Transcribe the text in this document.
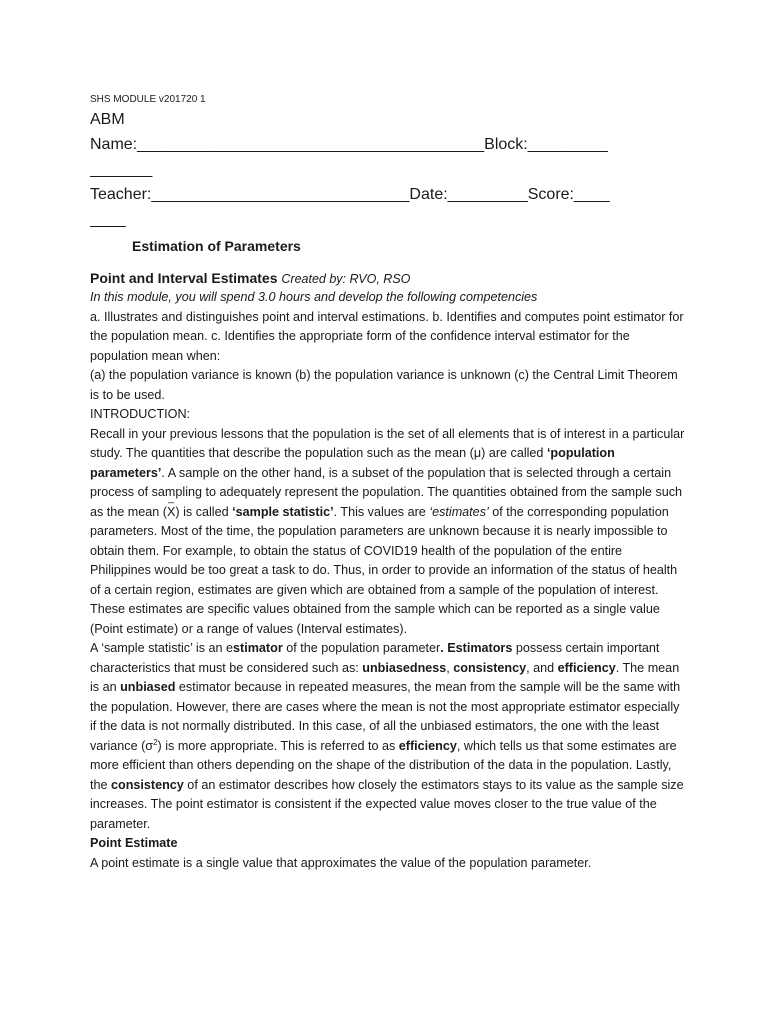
SHS MODULE v201720 1
ABM
Name:_______________________________________Block:_________
_______
Teacher:_____________________________Date:_________Score:____
____
Estimation of Parameters
Point and Interval Estimates Created by: RVO, RSO

In this module, you will spend 3.0 hours and develop the following competencies

a. Illustrates and distinguishes point and interval estimations. b. Identifies and computes point estimator for the population mean. c. Identifies the appropriate form of the confidence interval estimator for the population mean when:

(a) the population variance is known (b) the population variance is unknown (c) the Central Limit Theorem is to be used.

INTRODUCTION:

Recall in your previous lessons that the population is the set of all elements that is of interest in a particular study. The quantities that describe the population such as the mean (μ) are called ‘population parameters’. A sample on the other hand, is a subset of the population that is selected through a certain process of sampling to adequately represent the population. The quantities obtained from the sample such as the mean (_ X) is called ‘sample statistic’. This values are ‘estimates’ of the corresponding population parameters. Most of the time, the population parameters are unknown because it is nearly impossible to obtain them. For example, to obtain the status of COVID19 health of the population of the entire Philippines would be too great a task to do. Thus, in order to provide an information of the status of health of a certain region, estimates are given which are obtained from a sample of the population of interest. These estimates are specific values obtained from the sample which can be reported as a single value (Point estimate) or a range of values (Interval estimates).

A ‘sample statistic’ is an estimator of the population parameter. Estimators possess certain important characteristics that must be considered such as: unbiasedness, consistency, and efficiency. The mean is an unbiased estimator because in repeated measures, the mean from the sample will be the same with the population. However, there are cases where the mean is not the most appropriate estimator especially if the data is not normally distributed. In this case, of all the unbiased estimators, the one with the least variance $(\sigma^2)$ is more appropriate. This is referred to as efficiency, which tells us that some estimates are more efficient than others depending on the shape of the distribution of the data in the population. Lastly, the consistency of an estimator describes how closely the estimators stays to its value as the sample size increases. The point estimator is consistent if the expected value moves closer to the true value of the parameter.

Point Estimate

A point estimate is a single value that approximates the value of the population parameter.
